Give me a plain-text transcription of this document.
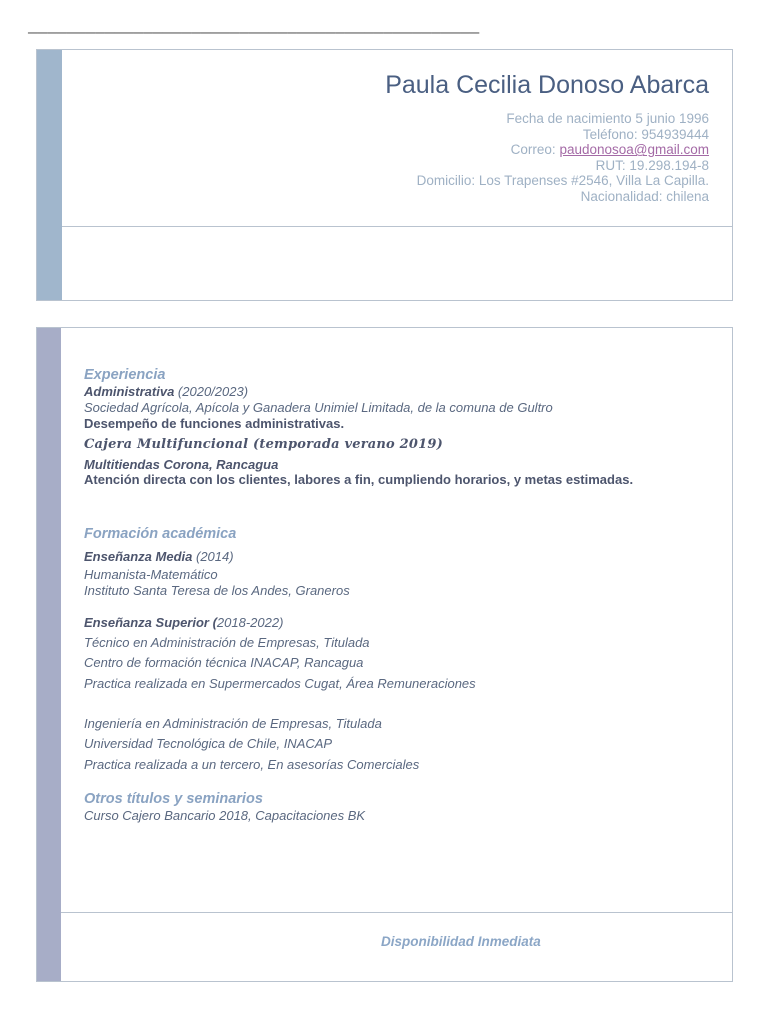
———————————————————————————————————————————————
Paula Cecilia Donoso Abarca
Fecha de nacimiento 5 junio 1996
Teléfono: 954939444
Correo: paudonosoa@gmail.com
RUT: 19.298.194-8
Domicilio: Los Trapenses #2546, Villa La Capilla.
Nacionalidad: chilena
Experiencia
Administrativa (2020/2023)
Sociedad Agrícola, Apícola y Ganadera Unimiel Limitada, de la comuna de Gultro
Desempeño de funciones administrativas.
Cajera Multifuncional (temporada verano 2019)
Multitiendas Corona, Rancagua
Atención directa con los clientes, labores a fin, cumpliendo horarios, y metas estimadas.
Formación académica
Enseñanza Media (2014)
Humanista-Matemático
Instituto Santa Teresa de los Andes, Graneros
Enseñanza Superior (2018-2022)
Técnico en Administración de Empresas, Titulada
Centro de formación técnica INACAP, Rancagua
Practica realizada en Supermercados Cugat, Área Remuneraciones
Ingeniería en Administración de Empresas, Titulada
Universidad Tecnológica de Chile, INACAP
Practica realizada a un tercero, En asesorías Comerciales
Otros títulos y seminarios
Curso Cajero Bancario 2018, Capacitaciones BK
Disponibilidad Inmediata
